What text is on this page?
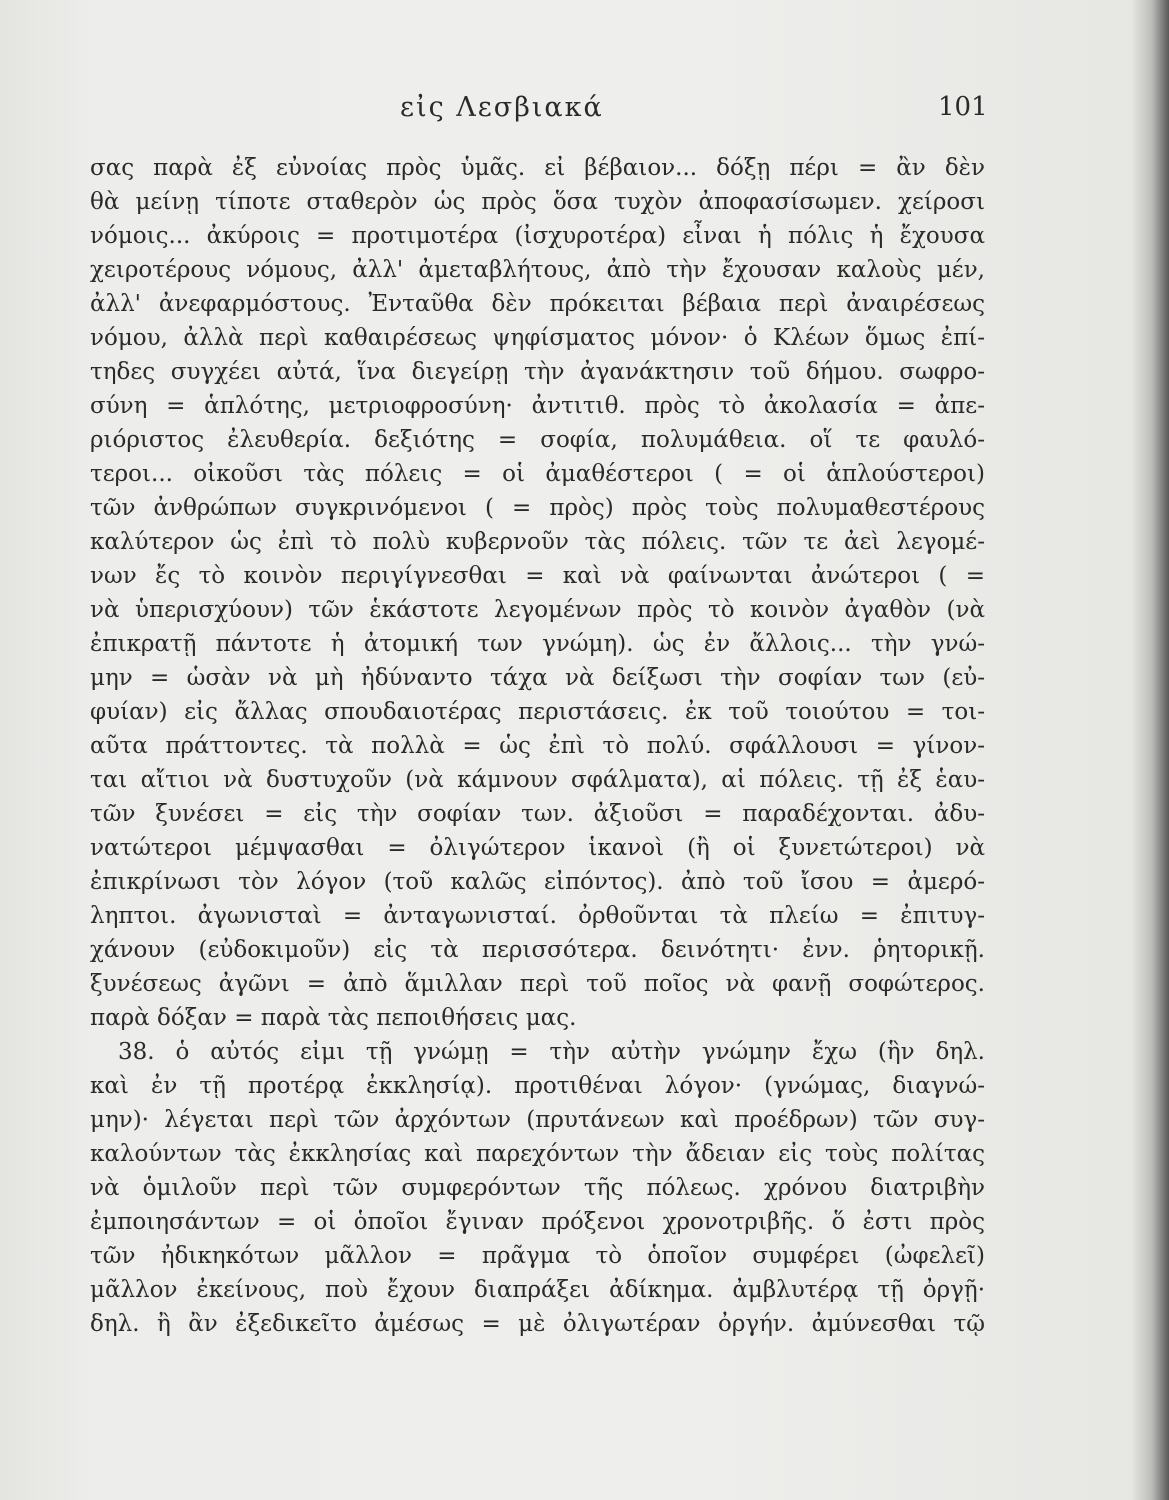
εἰς Λεσβιακά	101
σας παρὰ ἐξ εὐνοίας πρὸς ὑμᾶς. εἰ βέβαιον... δόξῃ πέρι = ἂν δὲν
θὰ μείνῃ τίποτε σταθερὸν ὡς πρὸς ὅσα τυχὸν ἀποφασίσωμεν. χείροσι
νόμοις... ἀκύροις = προτιμοτέρα (ἰσχυροτέρα) εἶναι ἡ πόλις ἡ ἔχουσα
χειροτέρους νόμους, ἀλλ' ἀμεταβλήτους, ἀπὸ τὴν ἔχουσαν καλοὺς μέν,
ἀλλ' ἀνεφαρμόστους. Ἐνταῦθα δὲν πρόκειται βέβαια περὶ ἀναιρέσεως
νόμου, ἀλλὰ περὶ καθαιρέσεως ψηφίσματος μόνον· ὁ Κλέων ὅμως ἐπί-
τηδες συγχέει αὐτά, ἵνα διεγείρῃ τὴν ἀγανάκτησιν τοῦ δήμου. σωφρο-
σύνη = ἁπλότης, μετριοφροσύνη· ἀντιτιθ. πρὸς τὸ ἀκολασία = ἀπε-
ριόριστος ἐλευθερία. δεξιότης = σοφία, πολυμάθεια. οἵ τε φαυλό-
τεροι... οἰκοῦσι τὰς πόλεις = οἱ ἀμαθέστεροι ( = οἱ ἁπλούστεροι)
τῶν ἀνθρώπων συγκρινόμενοι ( = πρὸς) πρὸς τοὺς πολυμαθεστέρους
καλύτερον ὡς ἐπὶ τὸ πολὺ κυβερνοῦν τὰς πόλεις. τῶν τε ἀεὶ λεγομέ-
νων ἔς τὸ κοινὸν περιγίγνεσθαι = καὶ νὰ φαίνωνται ἀνώτεροι ( =
νὰ ὑπερισχύουν) τῶν ἑκάστοτε λεγομένων πρὸς τὸ κοινὸν ἀγαθὸν (νὰ
ἐπικρατῇ πάντοτε ἡ ἀτομική των γνώμη). ὡς ἐν ἄλλοις... τὴν γνώ-
μην = ὡσὰν νὰ μὴ ἠδύναντο τάχα νὰ δείξωσι τὴν σοφίαν των (εὐ-
φυίαν) εἰς ἄλλας σπουδαιοτέρας περιστάσεις. ἐκ τοῦ τοιούτου = τοι-
αῦτα πράττοντες. τὰ πολλὰ = ὡς ἐπὶ τὸ πολύ. σφάλλουσι = γίνον-
ται αἴτιοι νὰ δυστυχοῦν (νὰ κάμνουν σφάλματα), αἱ πόλεις. τῇ ἐξ ἑαυ-
τῶν ξυνέσει = εἰς τὴν σοφίαν των. ἀξιοῦσι = παραδέχονται. ἀδυ-
νατώτεροι μέμψασθαι = ὀλιγώτερον ἱκανοὶ (ἢ οἱ ξυνετώτεροι) νὰ
ἐπικρίνωσι τὸν λόγον (τοῦ καλῶς εἰπόντος). ἀπὸ τοῦ ἴσου = ἀμερό-
ληπτοι. ἀγωνισταὶ = ἀνταγωνισταί. ὀρθοῦνται τὰ πλείω = ἐπιτυγ-
χάνουν (εὐδοκιμοῦν) εἰς τὰ περισσότερα. δεινότητι· ἐνν. ῥητορικῇ.
ξυνέσεως ἀγῶνι = ἀπὸ ἅμιλλαν περὶ τοῦ ποῖος νὰ φανῇ σοφώτερος.
παρὰ δόξαν = παρὰ τὰς πεποιθήσεις μας.
38. ὁ αὐτός εἰμι τῇ γνώμῃ = τὴν αὐτὴν γνώμην ἔχω (ἣν δηλ.
καὶ ἐν τῇ προτέρᾳ ἐκκλησίᾳ). προτιθέναι λόγον· (γνώμας, διαγνώ-
μην)· λέγεται περὶ τῶν ἀρχόντων (πρυτάνεων καὶ προέδρων) τῶν συγ-
καλούντων τὰς ἐκκλησίας καὶ παρεχόντων τὴν ἄδειαν εἰς τοὺς πολίτας
νὰ ὁμιλοῦν περὶ τῶν συμφερόντων τῆς πόλεως. χρόνου διατριβὴν
ἐμποιησάντων = οἱ ὁποῖοι ἔγιναν πρόξενοι χρονοτριβῆς. ὅ ἐστι πρὸς
τῶν ἠδικηκότων μᾶλλον = πρᾶγμα τὸ ὁποῖον συμφέρει (ὠφελεῖ)
μᾶλλον ἐκείνους, ποὺ ἔχουν διαπράξει ἀδίκημα. ἀμβλυτέρᾳ τῇ ὀργῇ·
δηλ. ἢ ἂν ἐξεδικεῖτο ἀμέσως = μὲ ὀλιγωτέραν ὀργήν. ἀμύνεσθαι τῷ
